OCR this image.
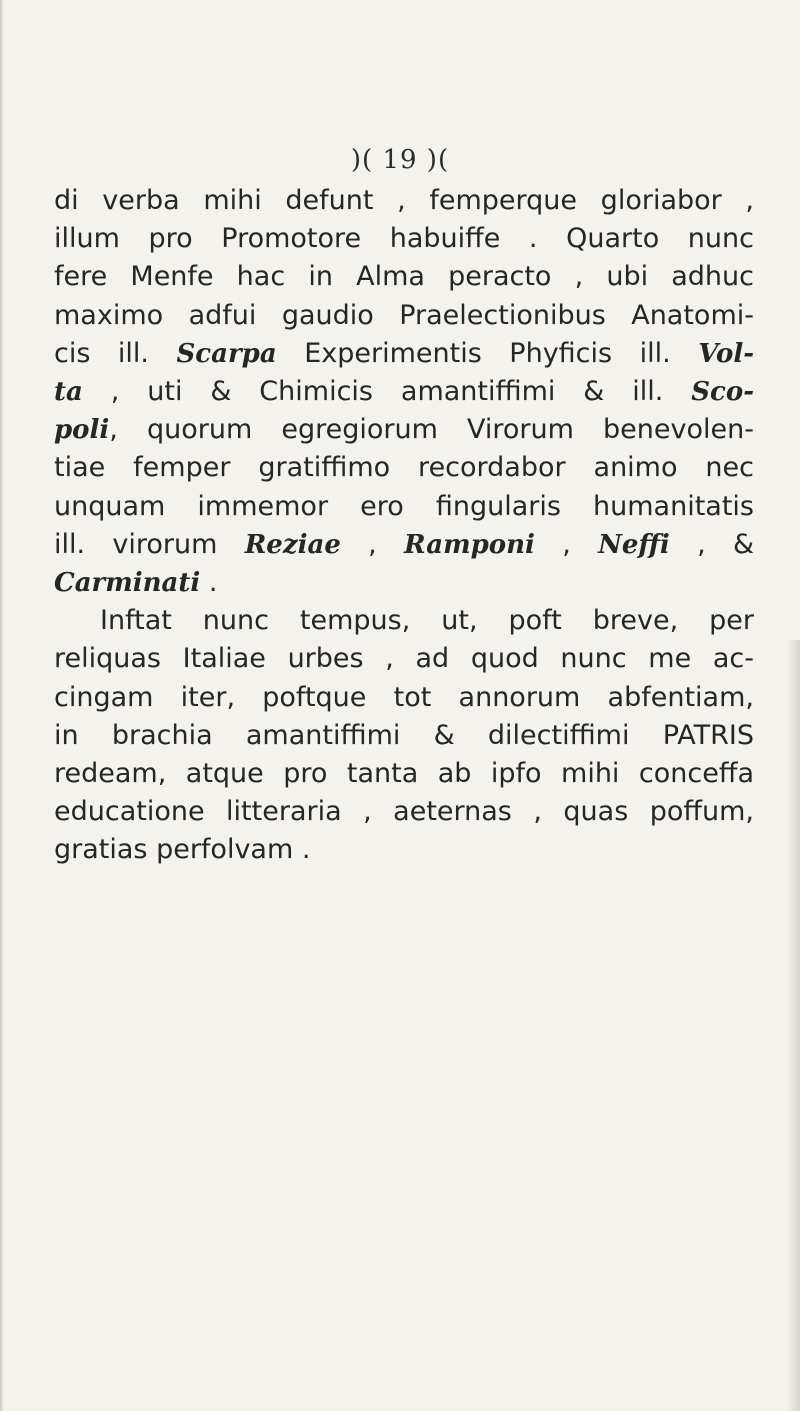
)( 19 )(
di verba mihi defunt , femperque gloriabor ,
illum pro Promotore habuiffe . Quarto nunc
fere Menfe hac in Alma peracto , ubi adhuc
maximo adfui gaudio Praelectionibus Anatomi-
cis ill. Scarpa Experimentis Phyficis ill. Vol-
ta , uti & Chimicis amantiffimi & ill. Sco-
poli, quorum egregiorum Virorum benevolen-
tiae femper gratiffimo recordabor animo nec
unquam immemor ero fingularis humanitatis
ill. virorum Reziae , Ramponi , Neffi , &
Carminati .
Inftat nunc tempus, ut, poft breve, per
reliquas Italiae urbes , ad quod nunc me ac-
cingam iter, poftque tot annorum abfentiam,
in brachia amantiffimi & dilectiffimi PATRIS
redeam, atque pro tanta ab ipfo mihi conceffa
educatione litteraria , aeternas , quas poffum,
gratias perfolvam .
